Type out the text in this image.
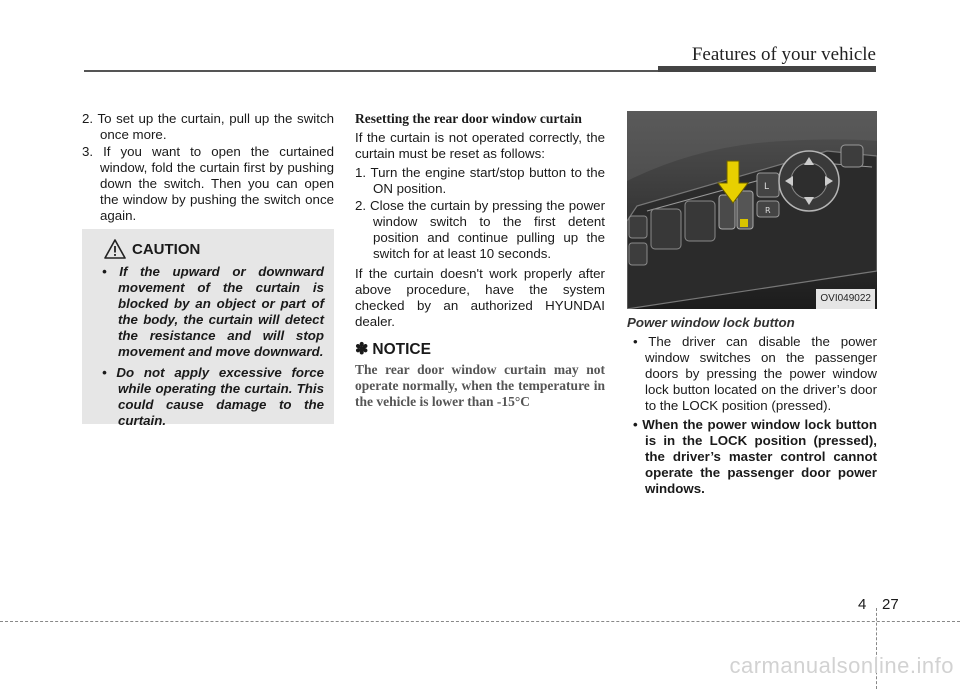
Features of your vehicle

2. To set up the curtain, pull up the switch once more.

3. If you want to open the curtained window, fold the curtain first by pushing down the switch. Then you can open the window by pushing the switch once again.

CAUTION

• If the upward or downward movement of the curtain is blocked by an object or part of the body, the curtain will detect the resistance and will stop movement and move downward.

• Do not apply excessive force while operating the curtain. This could cause damage to the curtain.

Resetting the rear door window curtain

If the curtain is not operated correctly, the curtain must be reset as follows:

1. Turn the engine start/stop button to the ON position.

2. Close the curtain by pressing the power window switch to the first detent position and continue pulling up the switch for at least 10 seconds.

If the curtain doesn't work properly after above procedure, have the system checked by an authorized HYUNDAI dealer.

✽ NOTICE

The rear door window curtain may not operate normally, when the temperature in the vehicle is lower than -15°C

L
R
OVI049022

Power window lock button

• The driver can disable the power window switches on the passenger doors by pressing the power window lock button located on the driver’s door to the LOCK position (pressed).

• When the power window lock button is in the LOCK position (pressed), the driver’s master control cannot operate the passenger door power windows.

4 27
carmanualsonline.info
